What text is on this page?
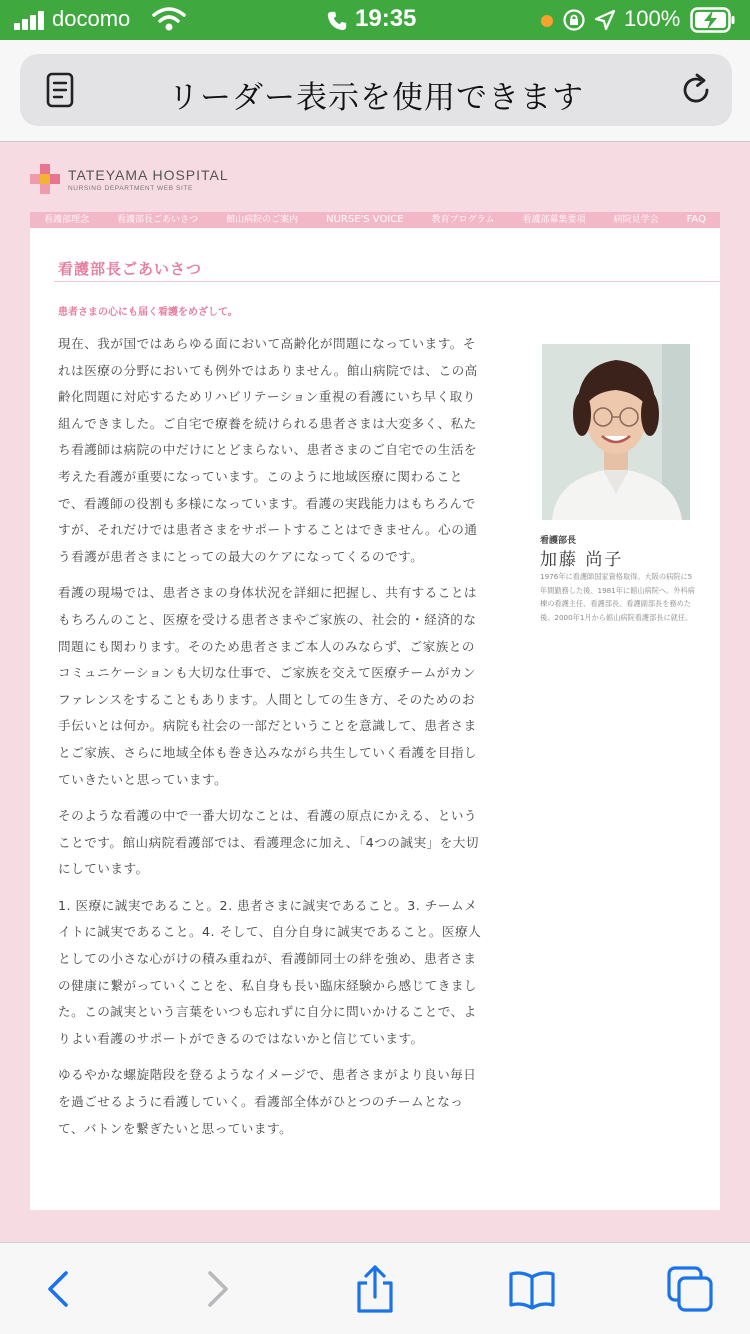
docomo	19:35	100%
リーダー表示を使用できます
TATEYAMA HOSPITAL
NURSING DEPARTMENT WEB SITE
看護部理念	看護部長ごあいさつ	館山病院のご案内	NURSE'S VOICE	教育プログラム	看護部募集要項	病院見学会	FAQ
看護部長ごあいさつ

患者さまの心にも届く看護をめざして。

現在、我が国ではあらゆる面において高齢化が問題になっています。それは医療の分野においても例外ではありません。館山病院では、この高齢化問題に対応するためリハビリテーション重視の看護にいち早く取り組んできました。ご自宅で療養を続けられる患者さまは大変多く、私たち看護師は病院の中だけにとどまらない、患者さまのご自宅での生活を考えた看護が重要になっています。このように地域医療に関わることで、看護師の役割も多様になっています。看護の実践能力はもちろんですが、それだけでは患者さまをサポートすることはできません。心の通う看護が患者さまにとっての最大のケアになってくるのです。

看護の現場では、患者さまの身体状況を詳細に把握し、共有することはもちろんのこと、医療を受ける患者さまやご家族の、社会的・経済的な問題にも関わります。そのため患者さまご本人のみならず、ご家族とのコミュニケーションも大切な仕事で、ご家族を交えて医療チームがカンファレンスをすることもあります。人間としての生き方、そのためのお手伝いとは何か。病院も社会の一部だということを意識して、患者さまとご家族、さらに地域全体も巻き込みながら共生していく看護を目指していきたいと思っています。

そのような看護の中で一番大切なことは、看護の原点にかえる、ということです。館山病院看護部では、看護理念に加え、「4つの誠実」を大切にしています。

1. 医療に誠実であること。2. 患者さまに誠実であること。3. チームメイトに誠実であること。4. そして、自分自身に誠実であること。医療人としての小さな心がけの積み重ねが、看護師同士の絆を強め、患者さまの健康に繋がっていくことを、私自身も長い臨床経験から感じてきました。この誠実という言葉をいつも忘れずに自分に問いかけることで、よりよい看護のサポートができるのではないかと信じています。

ゆるやかな螺旋階段を登るようなイメージで、患者さまがより良い毎日を過ごせるように看護していく。看護部全体がひとつのチームとなって、バトンを繋ぎたいと思っています。

看護部長
加藤 尚子

1976年に看護師国家資格取得。大阪の病院に5年間勤務した後、1981年に館山病院へ。外科病棟の看護主任、看護部長、看護副部長を務めた後、2000年1月から館山病院看護部長に就任。
